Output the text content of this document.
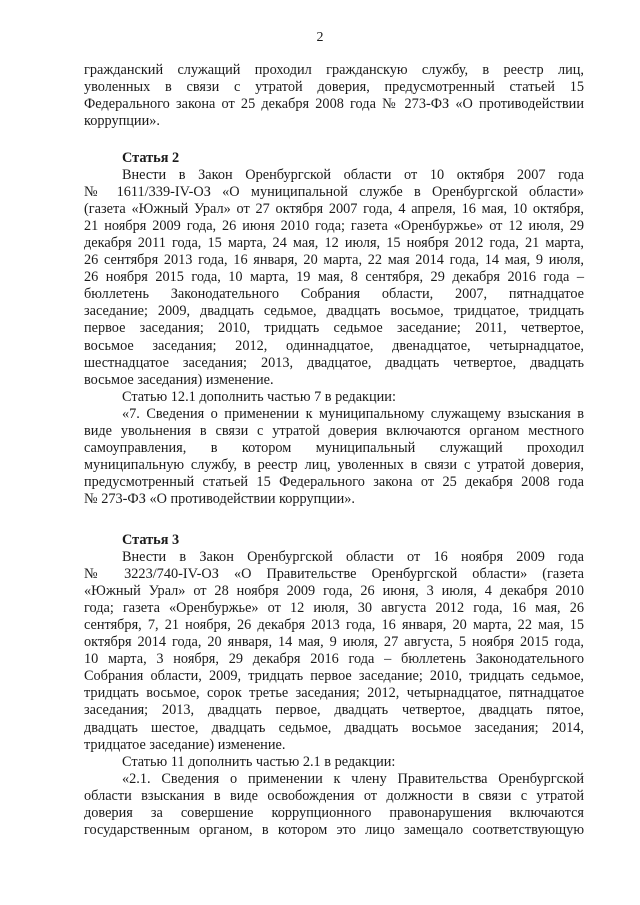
2
гражданский служащий проходил гражданскую службу, в реестр лиц,
уволенных в связи с утратой доверия, предусмотренный статьей 15
Федерального закона от 25 декабря 2008 года № 273-ФЗ «О противодействии
коррупции».
Статья 2
Внести в Закон Оренбургской области от 10 октября 2007 года
№ 1611/339-IV-ОЗ «О муниципальной службе в Оренбургской области»
(газета «Южный Урал» от 27 октября 2007 года, 4 апреля, 16 мая, 10 октября,
21 ноября 2009 года, 26 июня 2010 года; газета «Оренбуржье» от 12 июля, 29
декабря 2011 года, 15 марта, 24 мая, 12 июля, 15 ноября 2012 года, 21 марта,
26 сентября 2013 года, 16 января, 20 марта, 22 мая 2014 года, 14 мая, 9 июля,
26 ноября 2015 года, 10 марта, 19 мая, 8 сентября, 29 декабря 2016 года –
бюллетень Законодательного Собрания области, 2007, пятнадцатое
заседание; 2009, двадцать седьмое, двадцать восьмое, тридцатое, тридцать
первое заседания; 2010, тридцать седьмое заседание; 2011, четвертое,
восьмое заседания; 2012, одиннадцатое, двенадцатое, четырнадцатое,
шестнадцатое заседания; 2013, двадцатое, двадцать четвертое, двадцать
восьмое заседания) изменение.
Статью 12.1 дополнить частью 7 в редакции:
«7. Сведения о применении к муниципальному служащему взыскания в
виде увольнения в связи с утратой доверия включаются органом местного
самоуправления, в котором муниципальный служащий проходил
муниципальную службу, в реестр лиц, уволенных в связи с утратой доверия,
предусмотренный статьей 15 Федерального закона от 25 декабря 2008 года
№ 273-ФЗ «О противодействии коррупции».
Статья 3
Внести в Закон Оренбургской области от 16 ноября 2009 года
№ 3223/740-IV-ОЗ «О Правительстве Оренбургской области» (газета
«Южный Урал» от 28 ноября 2009 года, 26 июня, 3 июля, 4 декабря 2010
года; газета «Оренбуржье» от 12 июля, 30 августа 2012 года, 16 мая, 26
сентября, 7, 21 ноября, 26 декабря 2013 года, 16 января, 20 марта, 22 мая, 15
октября 2014 года, 20 января, 14 мая, 9 июля, 27 августа, 5 ноября 2015 года,
10 марта, 3 ноября, 29 декабря 2016 года – бюллетень Законодательного
Собрания области, 2009, тридцать первое заседание; 2010, тридцать седьмое,
тридцать восьмое, сорок третье заседания; 2012, четырнадцатое, пятнадцатое
заседания; 2013, двадцать первое, двадцать четвертое, двадцать пятое,
двадцать шестое, двадцать седьмое, двадцать восьмое заседания; 2014,
тридцатое заседание) изменение.
Статью 11 дополнить частью 2.1 в редакции:
«2.1. Сведения о применении к члену Правительства Оренбургской
области взыскания в виде освобождения от должности в связи с утратой
доверия за совершение коррупционного правонарушения включаются
государственным органом, в котором это лицо замещало соответствующую
